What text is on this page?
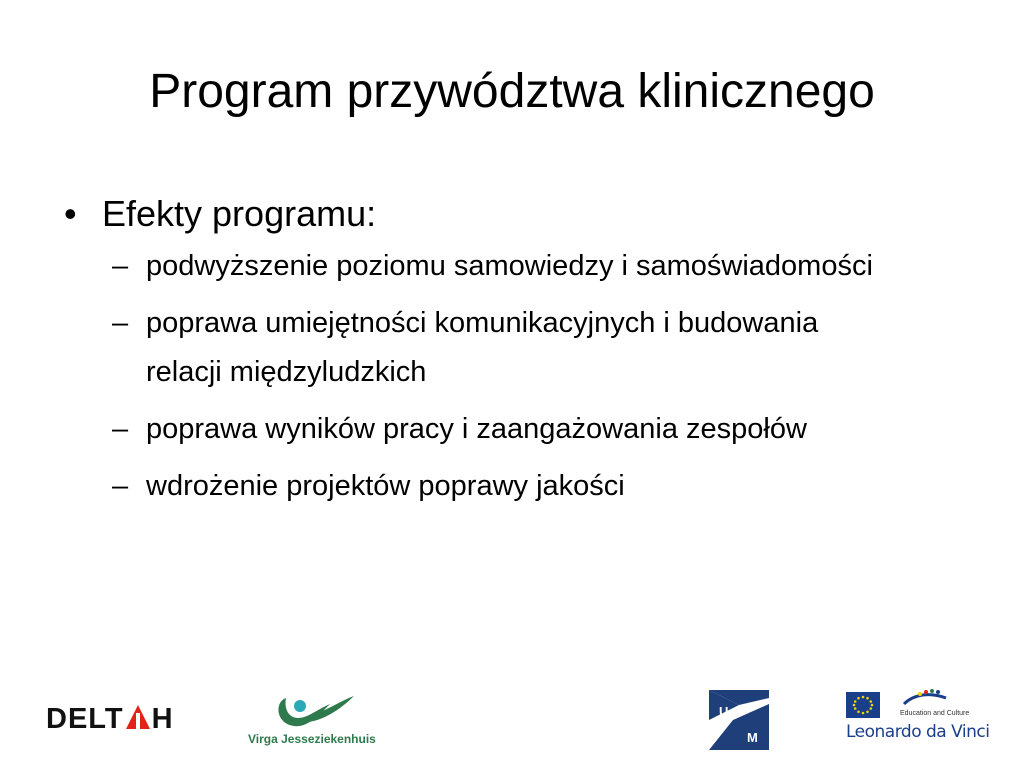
Program przywództwa klinicznego
• Efekty programu:
– podwyższenie poziomu samowiedzy i samoświadomości
– poprawa umiejętności komunikacyjnych i budowania relacji międzyludzkich
– poprawa wyników pracy i zaangażowania zespołów
– wdrożenie projektów poprawy jakości
DELT H
Virga Jesseziekenhuis
U
M
Education and Culture
Leonardo da Vinci
